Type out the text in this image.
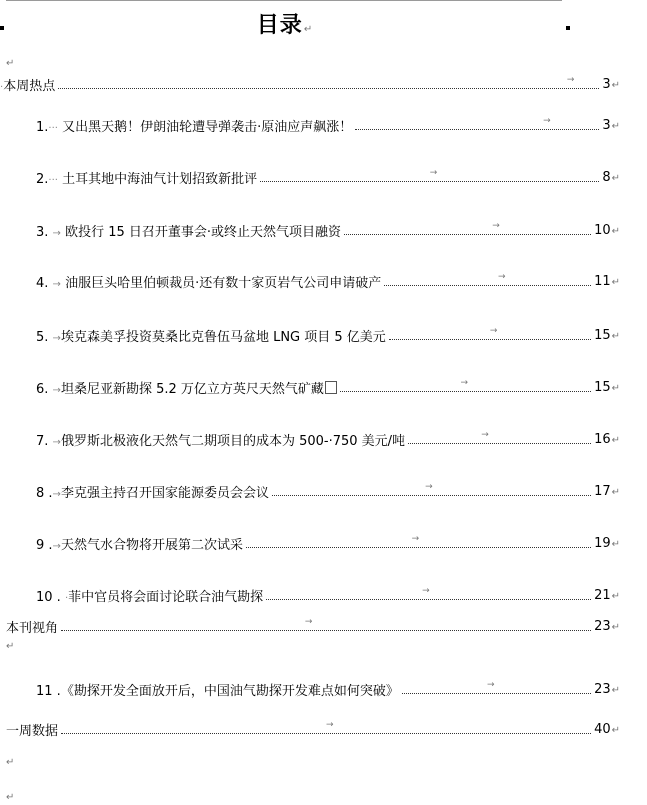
目录↵
↵
·本周热点	→ 3↵
1.··· 又出黑天鹅！伊朗油轮遭导弹袭击·原油应声飙涨！	→	3↵
2.··· 土耳其地中海油气计划招致新批评	→	8↵
3. → 欧投行 15 日召开董事会·或终止天然气项目融资	→	10↵
4. → 油服巨头哈里伯顿裁员·还有数十家页岩气公司申请破产	→	11↵
5. →埃克森美孚投资莫桑比克鲁伍马盆地 LNG 项目 5 亿美元	→	15↵
6. →坦桑尼亚新勘探 5.2 万亿立方英尺天然气矿藏	→	15↵
7. →俄罗斯北极液化天然气二期项目的成本为 500-·750 美元/吨	→	16↵
8 .→李克强主持召开国家能源委员会会议	→	17↵
9 .→天然气水合物将开展第二次试采	→	19↵
10 . ·菲中官员将会面讨论联合油气勘探	→	21↵
本刊视角	→	23↵
↵
11 .《勘探开发全面放开后，中国油气勘探开发难点如何突破》	→	23↵
一周数据	→	40↵
↵
↵
